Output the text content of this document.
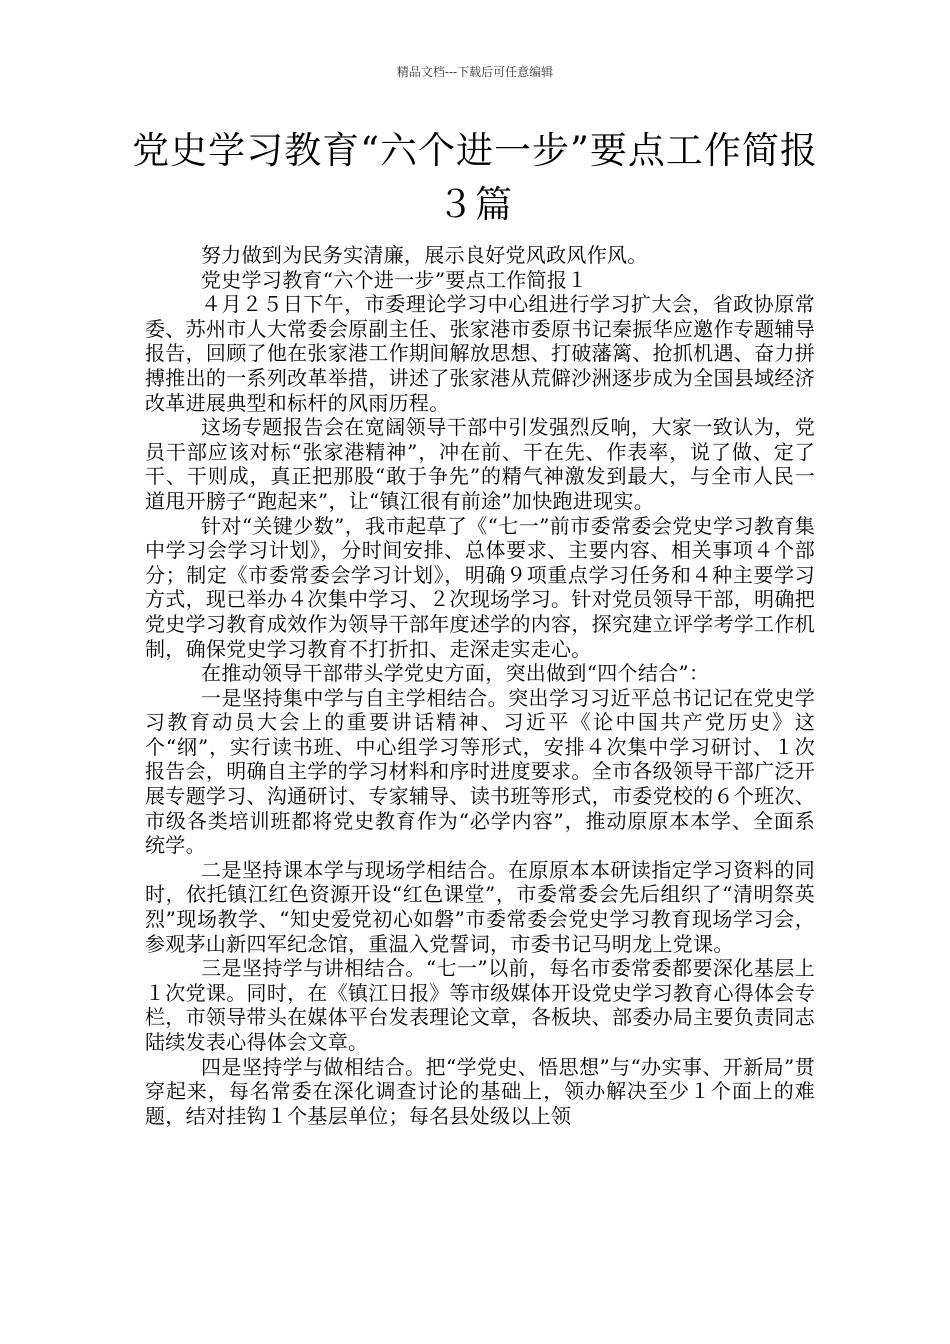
精品文档---下载后可任意编辑
党史学习教育“六个进一步”要点工作简报３篇

努力做到为民务实清廉，展示良好党风政风作风。

党史学习教育“六个进一步”要点工作简报１

４月２５日下午，市委理论学习中心组进行学习扩大会，省政协原常委、苏州市人大常委会原副主任、张家港市委原书记秦振华应邀作专题辅导报告，回顾了他在张家港工作期间解放思想、打破藩篱、抢抓机遇、奋力拼搏推出的一系列改革举措，讲述了张家港从荒僻沙洲逐步成为全国县域经济改革进展典型和标杆的风雨历程。

这场专题报告会在宽阔领导干部中引发强烈反响，大家一致认为，党员干部应该对标“张家港精神”，冲在前、干在先、作表率，说了做、定了干、干则成，真正把那股“敢于争先”的精气神激发到最大，与全市人民一道甩开膀子“跑起来”，让“镇江很有前途”加快跑进现实。

针对“关键少数”，我市起草了《“七一”前市委常委会党史学习教育集中学习会学习计划》，分时间安排、总体要求、主要内容、相关事项４个部分；制定《市委常委会学习计划》，明确９项重点学习任务和４种主要学习方式，现已举办４次集中学习、２次现场学习。针对党员领导干部，明确把党史学习教育成效作为领导干部年度述学的内容，探究建立评学考学工作机制，确保党史学习教育不打折扣、走深走实走心。

在推动领导干部带头学党史方面，突出做到“四个结合”：

一是坚持集中学与自主学相结合。突出学习习近平总书记记在党史学习教育动员大会上的重要讲话精神、习近平《论中国共产党历史》这个“纲”，实行读书班、中心组学习等形式，安排４次集中学习研讨、１次报告会，明确自主学的学习材料和序时进度要求。全市各级领导干部广泛开展专题学习、沟通研讨、专家辅导、读书班等形式，市委党校的６个班次、市级各类培训班都将党史教育作为“必学内容”，推动原原本本学、全面系统学。

二是坚持课本学与现场学相结合。在原原本本研读指定学习资料的同时，依托镇江红色资源开设“红色课堂”，市委常委会先后组织了“清明祭英烈”现场教学、“知史爱党初心如磐”市委常委会党史学习教育现场学习会，参观茅山新四军纪念馆，重温入党誓词，市委书记马明龙上党课。

三是坚持学与讲相结合。“七一”以前，每名市委常委都要深化基层上１次党课。同时，在《镇江日报》等市级媒体开设党史学习教育心得体会专栏，市领导带头在媒体平台发表理论文章，各板块、部委办局主要负责同志陆续发表心得体会文章。

四是坚持学与做相结合。把“学党史、悟思想”与“办实事、开新局”贯穿起来，每名常委在深化调查讨论的基础上，领办解决至少１个面上的难题，结对挂钩１个基层单位；每名县处级以上领
